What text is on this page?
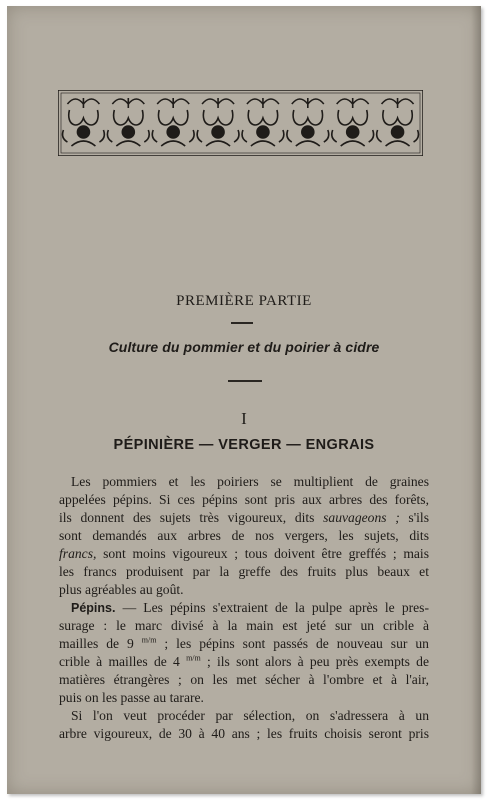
PREMIÈRE PARTIE
Culture du pommier et du poirier à cidre
I
PÉPINIÈRE — VERGER — ENGRAIS
Les pommiers et les poiriers se multiplient de graines
appelées pépins. Si ces pépins sont pris aux arbres des forêts,
ils donnent des sujets très vigoureux, dits sauvageons ; s'ils
sont demandés aux arbres de nos vergers, les sujets, dits
francs, sont moins vigoureux ; tous doivent être greffés ; mais
les francs produisent par la greffe des fruits plus beaux et
plus agréables au goût.
Pépins. — Les pépins s'extraient de la pulpe après le pres-
surage : le marc divisé à la main est jeté sur un crible à
mailles de 9 $^{m/m}$ ; les pépins sont passés de nouveau sur un
crible à mailles de 4 $^{m/m}$ ; ils sont alors à peu près exempts de
matières étrangères ; on les met sécher à l'ombre et à l'air,
puis on les passe au tarare.
Si l'on veut procéder par sélection, on s'adressera à un
arbre vigoureux, de 30 à 40 ans ; les fruits choisis seront pris
